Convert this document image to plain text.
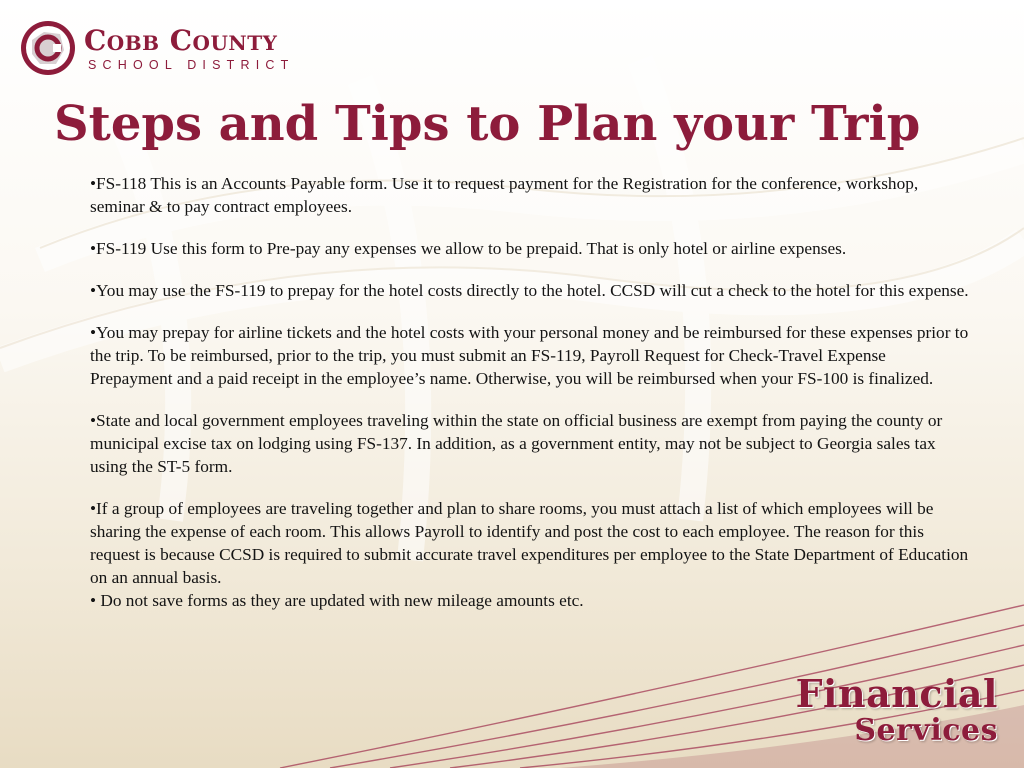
Cobb County
SCHOOL DISTRICT
Steps and Tips to Plan your Trip

•FS-118 This is an Accounts Payable form. Use it to request payment for the Registration for the conference, workshop, seminar & to pay contract employees.

•FS-119 Use this form to Pre-pay any expenses we allow to be prepaid. That is only hotel or airline expenses.

•You may use the FS-119 to prepay for the hotel costs directly to the hotel. CCSD will cut a check to the hotel for this expense.

•You may prepay for airline tickets and the hotel costs with your personal money and be reimbursed for these expenses prior to the trip. To be reimbursed, prior to the trip, you must submit an FS-119, Payroll Request for Check-Travel Expense Prepayment and a paid receipt in the employee’s name. Otherwise, you will be reimbursed when your FS-100 is finalized.

•State and local government employees traveling within the state on official business are exempt from paying the county or municipal excise tax on lodging using FS-137. In addition, as a government entity, may not be subject to Georgia sales tax using the ST-5 form.

•If a group of employees are traveling together and plan to share rooms, you must attach a list of which employees will be sharing the expense of each room. This allows Payroll to identify and post the cost to each employee. The reason for this request is because CCSD is required to submit accurate travel expenditures per employee to the State Department of Education on an annual basis.

• Do not save forms as they are updated with new mileage amounts etc.

Financial
Services
